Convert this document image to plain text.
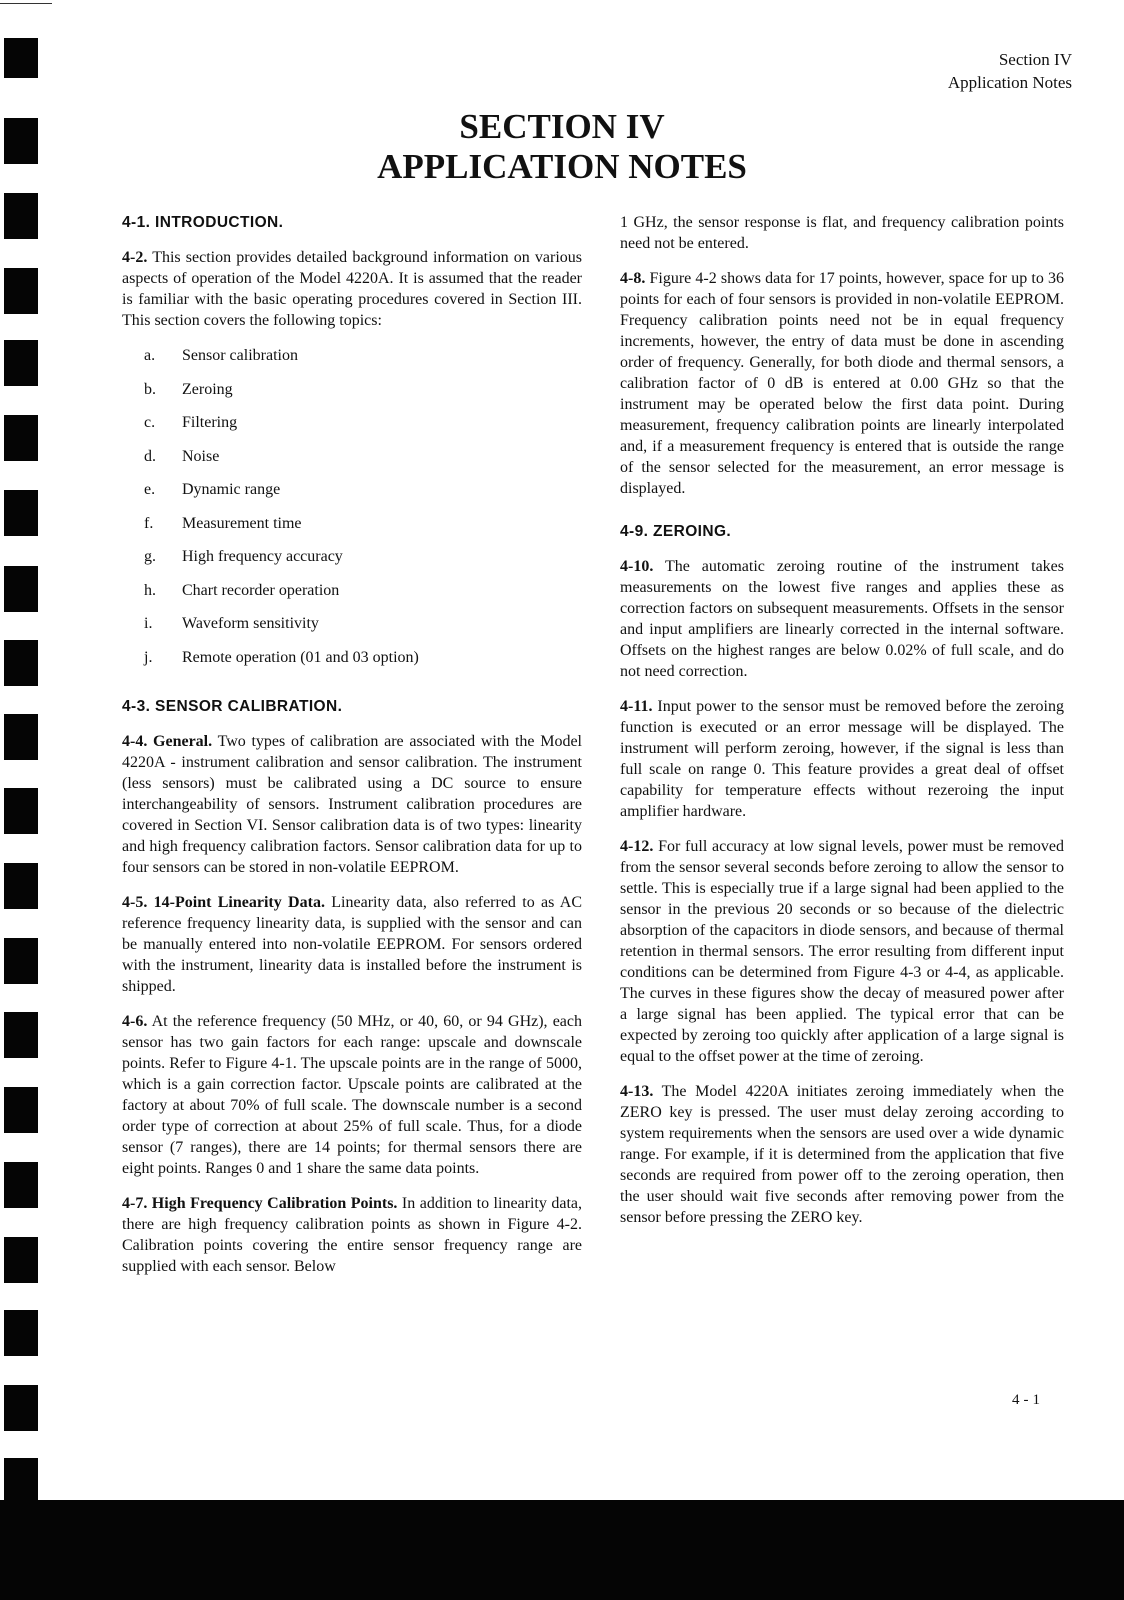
Section IV
Application Notes
SECTION IV
APPLICATION NOTES
4-1. INTRODUCTION.

4-2. This section provides detailed background information on various aspects of operation of the Model 4220A. It is assumed that the reader is familiar with the basic operating procedures covered in Section III. This section covers the following topics:

a.	Sensor calibration
b.	Zeroing
c.	Filtering
d.	Noise
e.	Dynamic range
f.	Measurement time
g.	High frequency accuracy
h.	Chart recorder operation
i.	Waveform sensitivity
j.	Remote operation (01 and 03 option)
4-3. SENSOR CALIBRATION.

4-4. General. Two types of calibration are associated with the Model 4220A - instrument calibration and sensor calibration. The instrument (less sensors) must be calibrated using a DC source to ensure interchangeability of sensors. Instrument calibration procedures are covered in Section VI. Sensor calibration data is of two types: linearity and high frequency calibration factors. Sensor calibration data for up to four sensors can be stored in non-volatile EEPROM.

4-5. 14-Point Linearity Data. Linearity data, also referred to as AC reference frequency linearity data, is supplied with the sensor and can be manually entered into non-volatile EEPROM. For sensors ordered with the instrument, linearity data is installed before the instrument is shipped.

4-6. At the reference frequency (50 MHz, or 40, 60, or 94 GHz), each sensor has two gain factors for each range: upscale and downscale points. Refer to Figure 4-1. The upscale points are in the range of 5000, which is a gain correction factor. Upscale points are calibrated at the factory at about 70% of full scale. The downscale number is a second order type of correction at about 25% of full scale. Thus, for a diode sensor (7 ranges), there are 14 points; for thermal sensors there are eight points. Ranges 0 and 1 share the same data points.

4-7. High Frequency Calibration Points. In addition to linearity data, there are high frequency calibration points as shown in Figure 4-2. Calibration points covering the entire sensor frequency range are supplied with each sensor. Below

1 GHz, the sensor response is flat, and frequency calibration points need not be entered.

4-8. Figure 4-2 shows data for 17 points, however, space for up to 36 points for each of four sensors is provided in non-volatile EEPROM. Frequency calibration points need not be in equal frequency increments, however, the entry of data must be done in ascending order of frequency. Generally, for both diode and thermal sensors, a calibration factor of 0 dB is entered at 0.00 GHz so that the instrument may be operated below the first data point. During measurement, frequency calibration points are linearly interpolated and, if a measurement frequency is entered that is outside the range of the sensor selected for the measurement, an error message is displayed.

4-9. ZEROING.

4-10. The automatic zeroing routine of the instrument takes measurements on the lowest five ranges and applies these as correction factors on subsequent measurements. Offsets in the sensor and input amplifiers are linearly corrected in the internal software. Offsets on the highest ranges are below 0.02% of full scale, and do not need correction.

4-11. Input power to the sensor must be removed before the zeroing function is executed or an error message will be displayed. The instrument will perform zeroing, however, if the signal is less than full scale on range 0. This feature provides a great deal of offset capability for temperature effects without rezeroing the input amplifier hardware.

4-12. For full accuracy at low signal levels, power must be removed from the sensor several seconds before zeroing to allow the sensor to settle. This is especially true if a large signal had been applied to the sensor in the previous 20 seconds or so because of the dielectric absorption of the capacitors in diode sensors, and because of thermal retention in thermal sensors. The error resulting from different input conditions can be determined from Figure 4-3 or 4-4, as applicable. The curves in these figures show the decay of measured power after a large signal has been applied. The typical error that can be expected by zeroing too quickly after application of a large signal is equal to the offset power at the time of zeroing.

4-13. The Model 4220A initiates zeroing immediately when the ZERO key is pressed. The user must delay zeroing according to system requirements when the sensors are used over a wide dynamic range. For example, if it is determined from the application that five seconds are required from power off to the zeroing operation, then the user should wait five seconds after removing power from the sensor before pressing the ZERO key.

4-1
